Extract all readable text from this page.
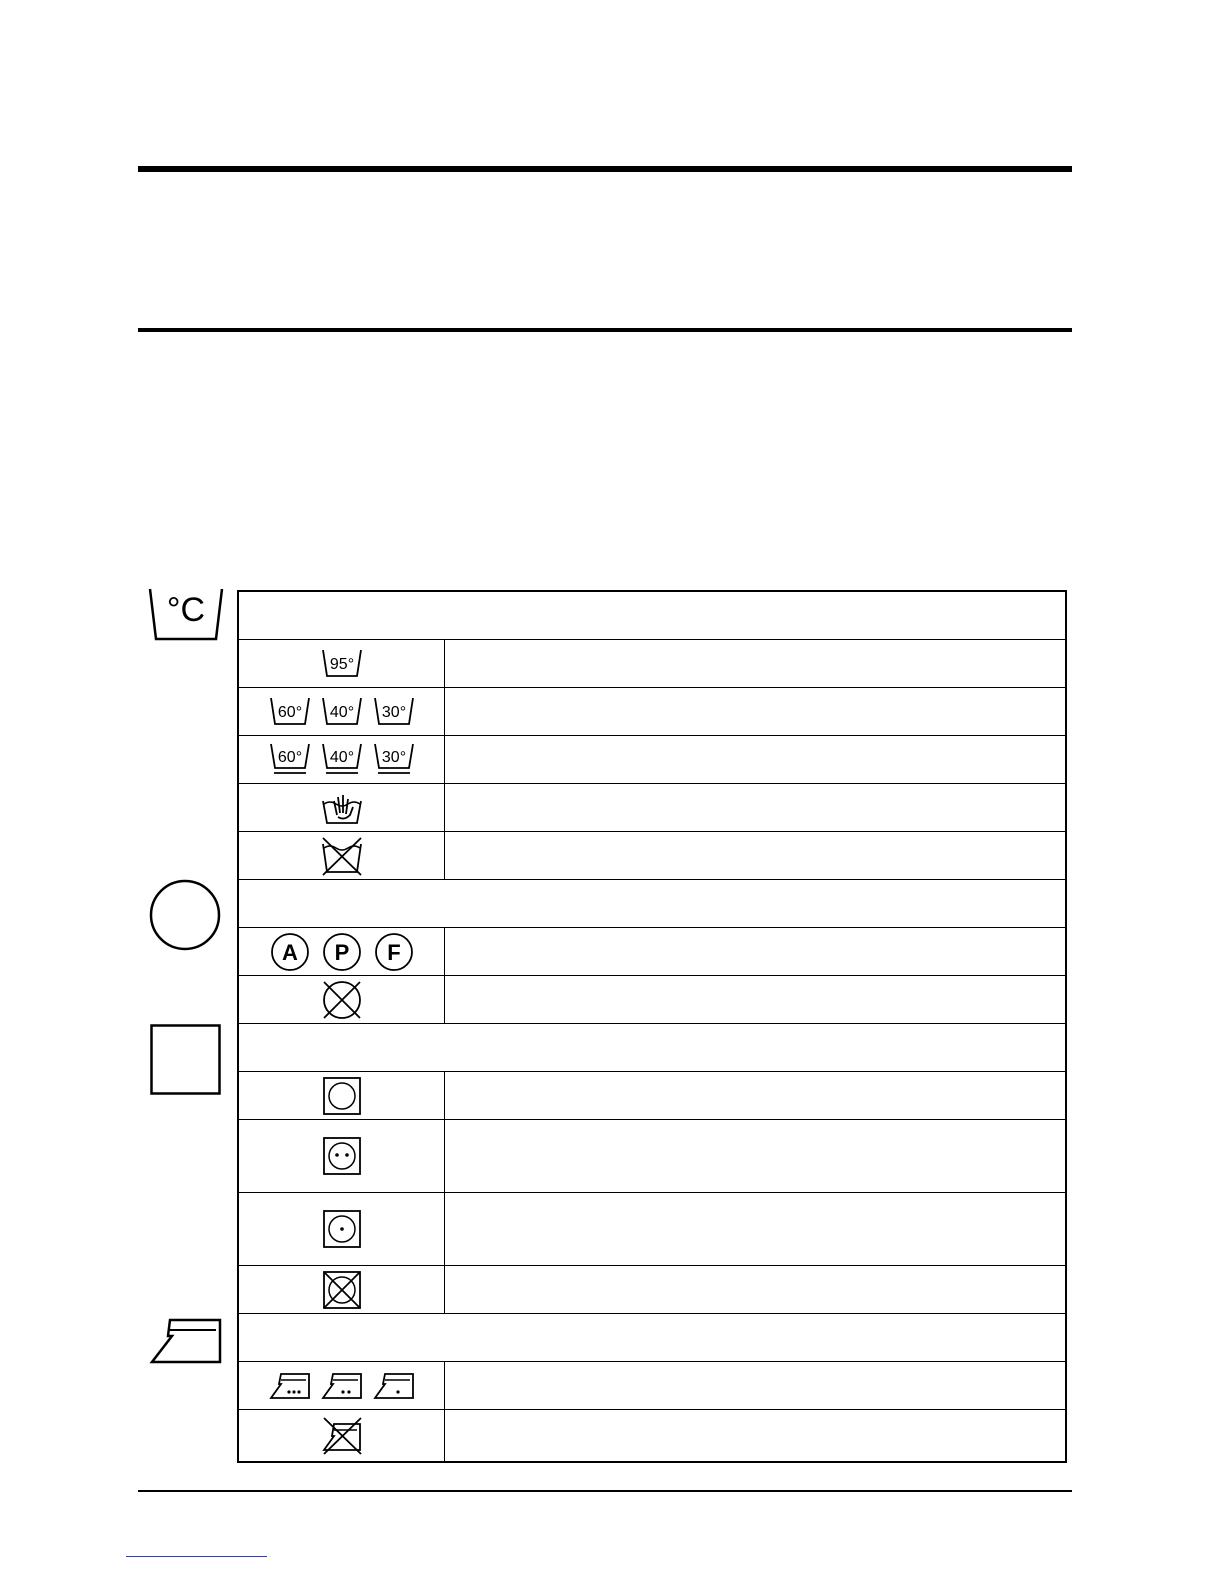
°C
95°
60° 40° 30°
60° 40° 30°
A P F
